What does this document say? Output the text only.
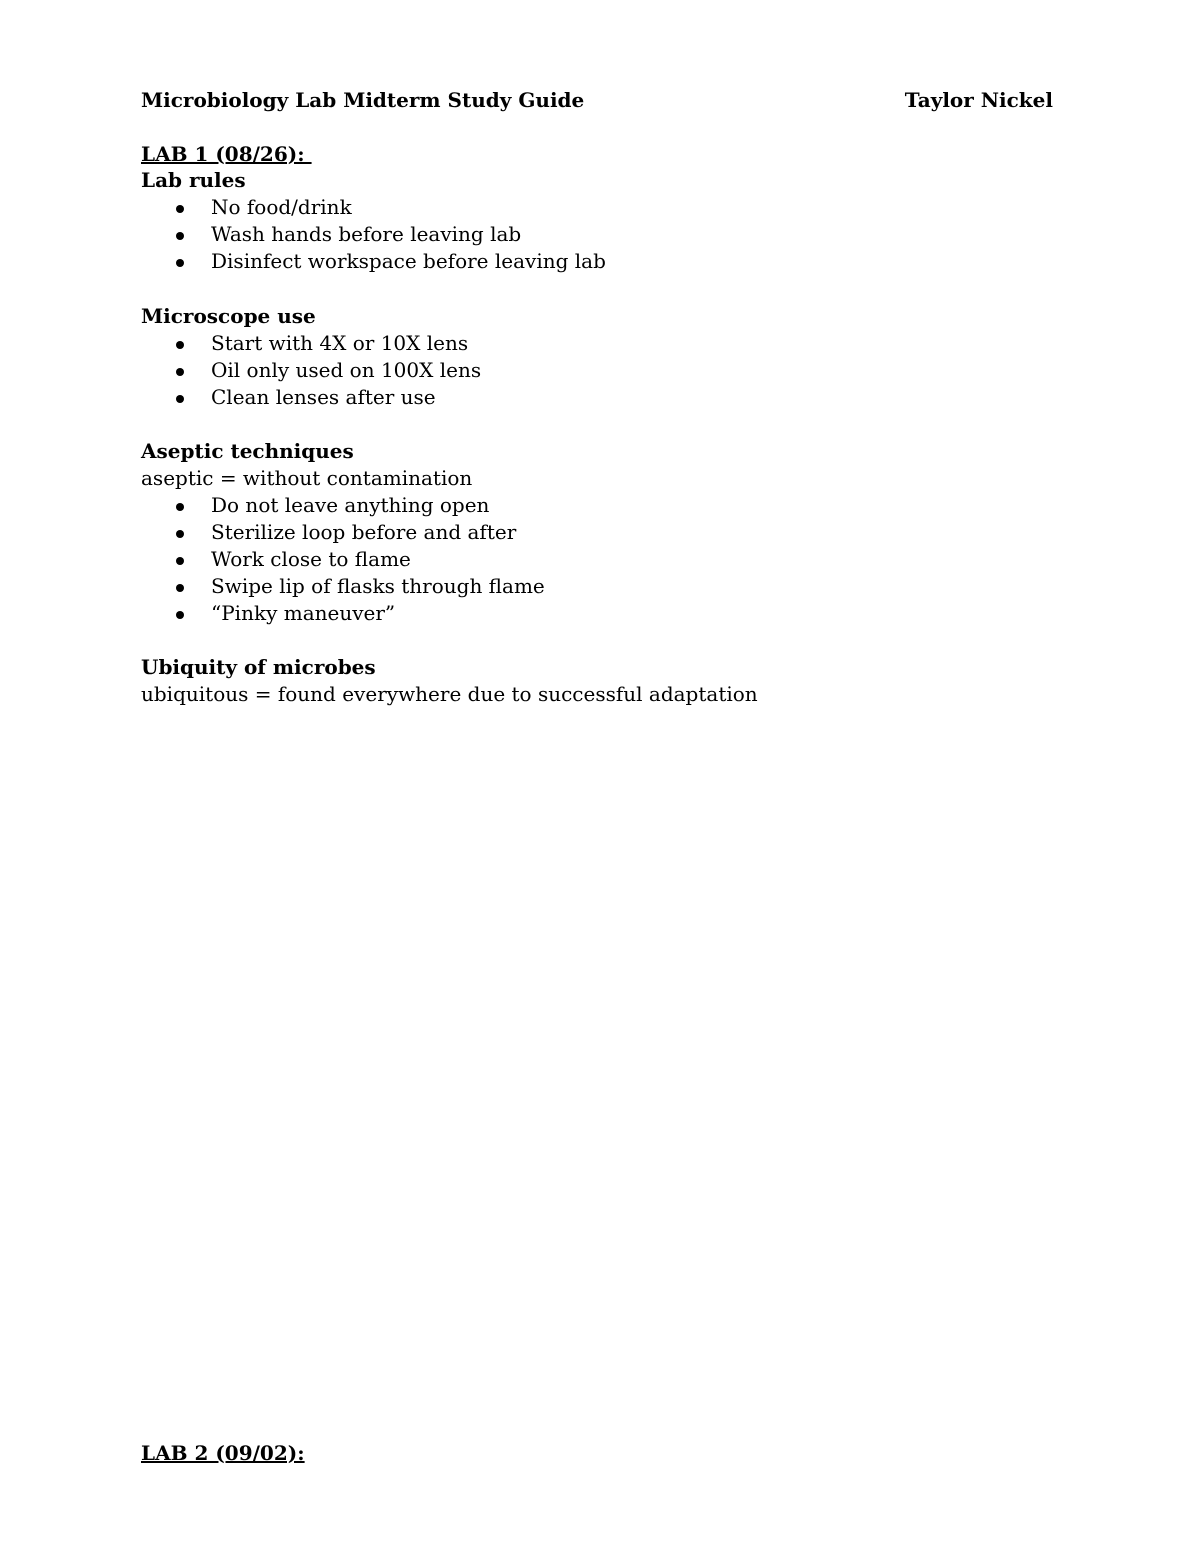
Microbiology Lab Midterm Study Guide	Taylor Nickel
LAB 1 (08/26):
Lab rules
No food/drink
Wash hands before leaving lab
Disinfect workspace before leaving lab
Microscope use
Start with 4X or 10X lens
Oil only used on 100X lens
Clean lenses after use
Aseptic techniques
aseptic = without contamination
Do not leave anything open
Sterilize loop before and after
Work close to flame
Swipe lip of flasks through flame
“Pinky maneuver”
Ubiquity of microbes
ubiquitous = found everywhere due to successful adaptation
LAB 2 (09/02):
